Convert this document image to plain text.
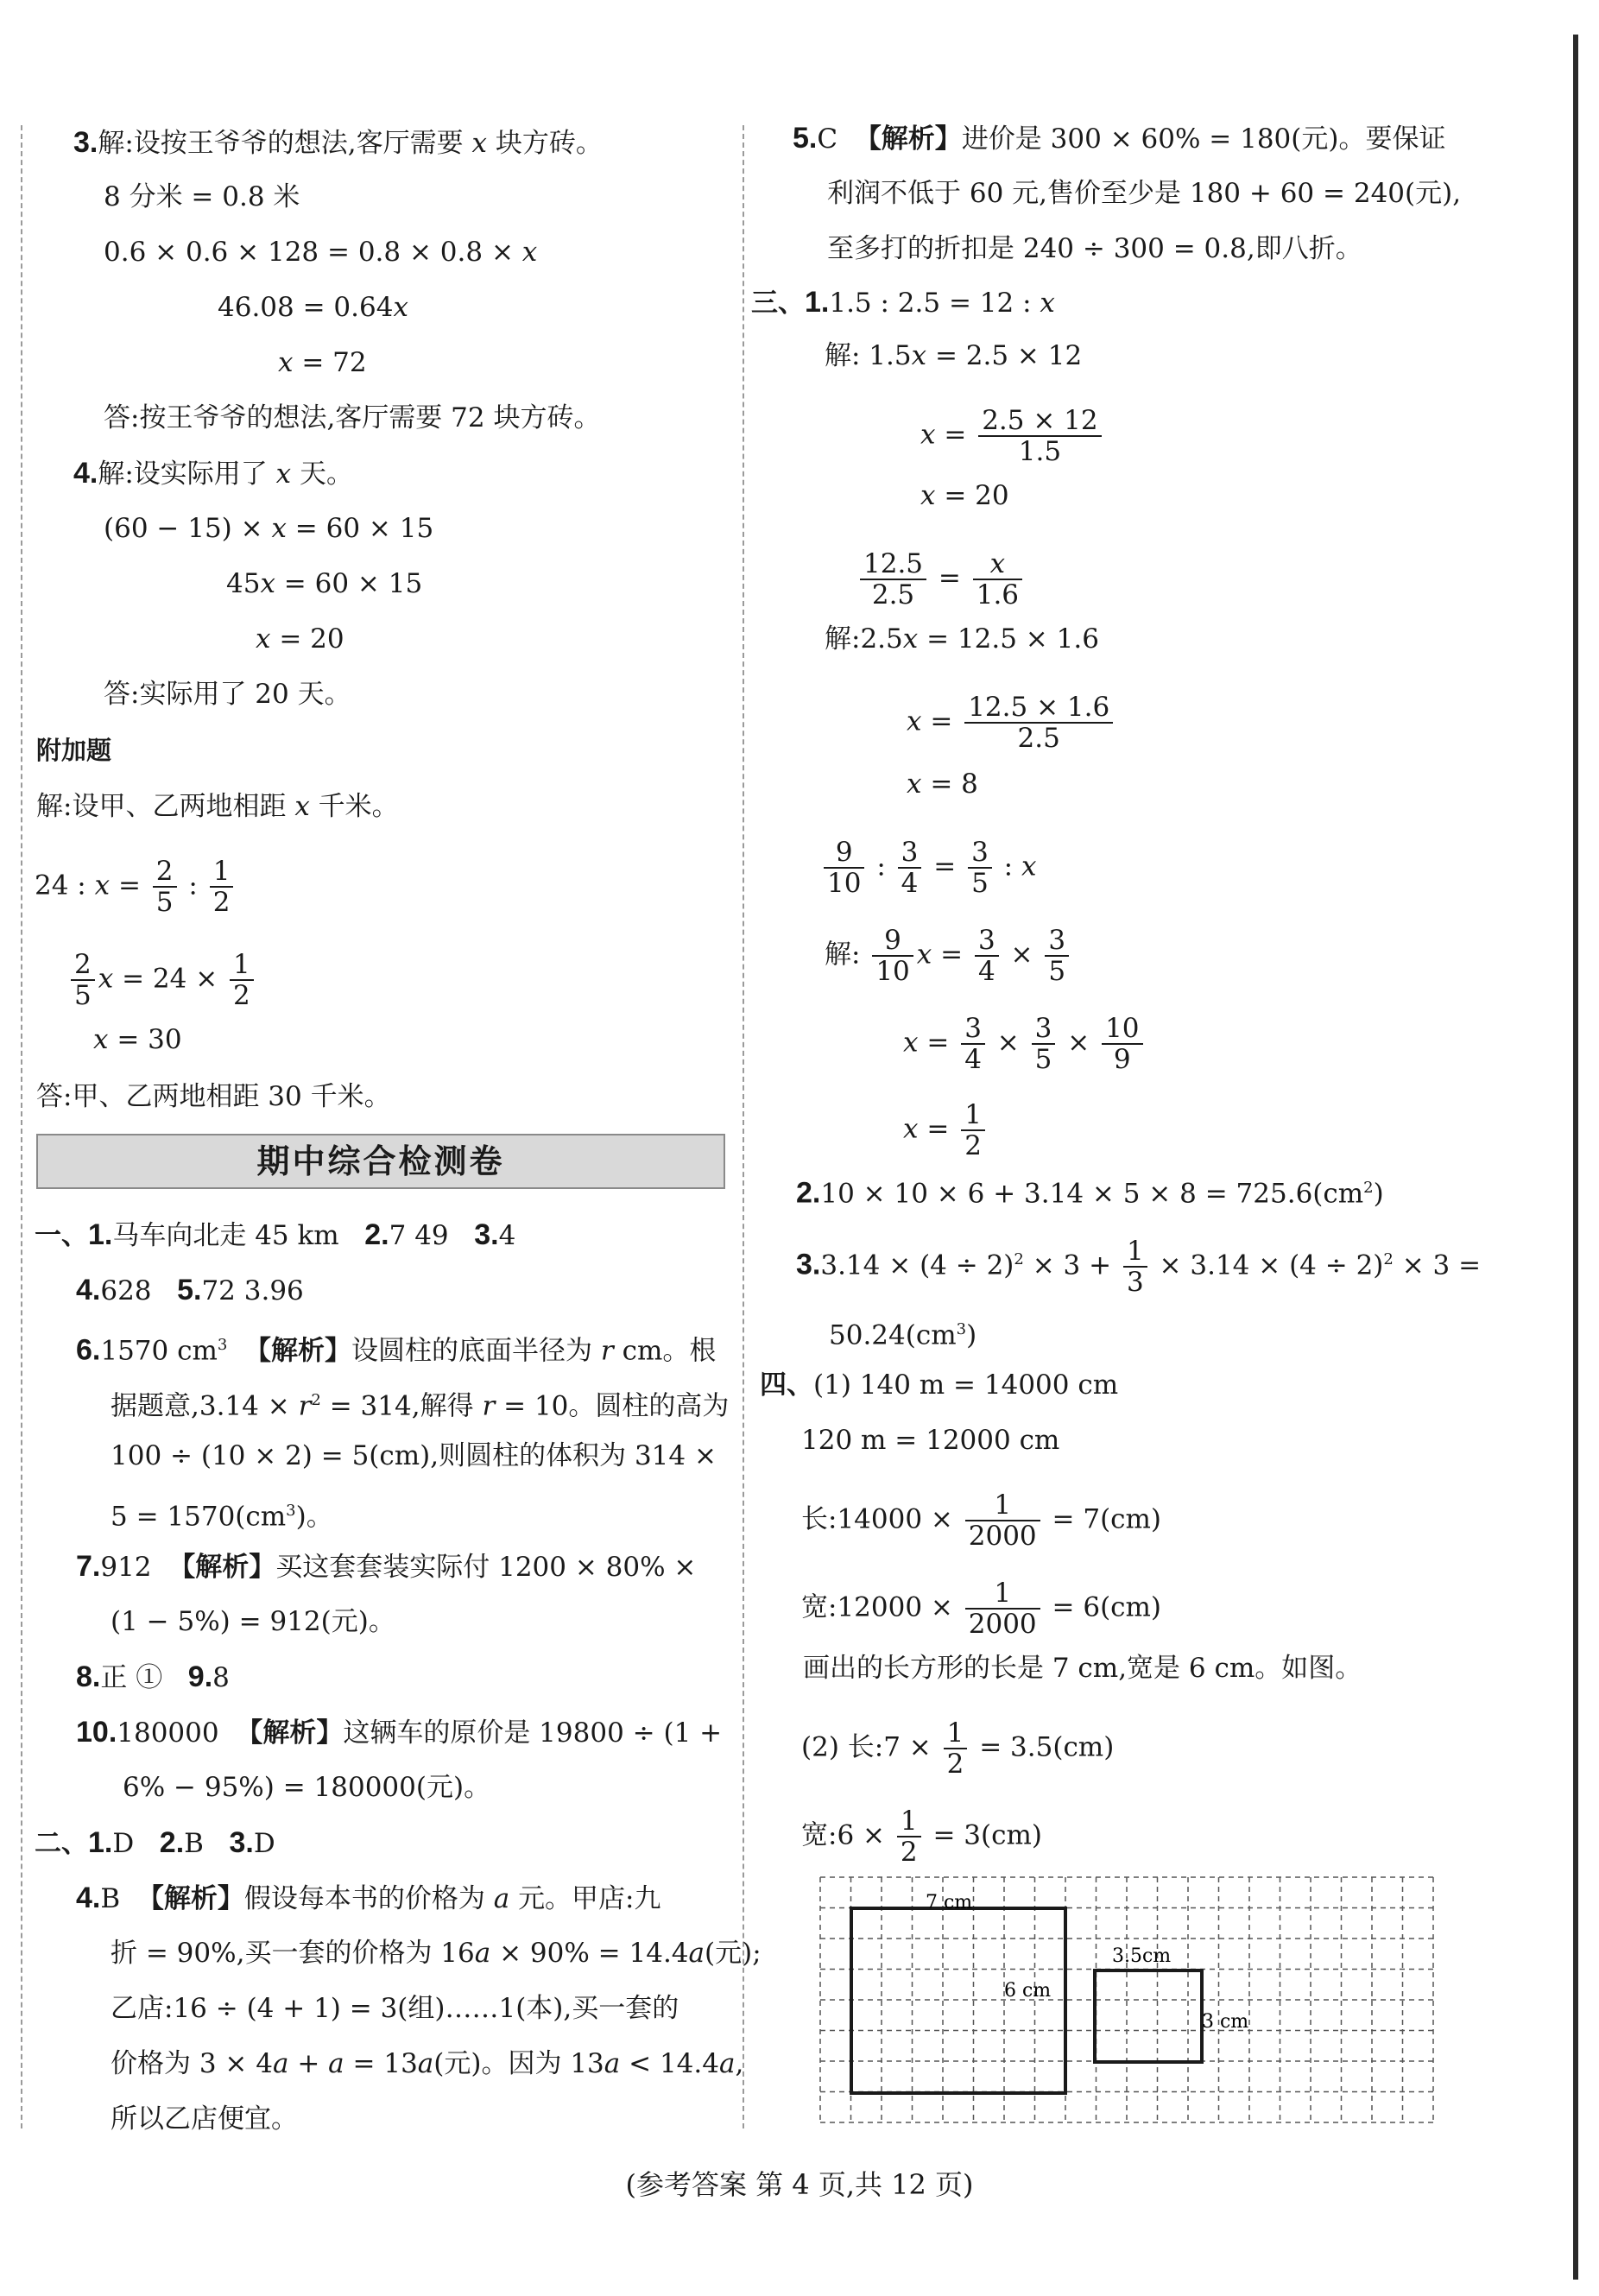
3.解:设按王爷爷的想法,客厅需要 x 块方砖。
8 分米 = 0.8 米
0.6 × 0.6 × 128 = 0.8 × 0.8 × x
46.08 = 0.64x
x = 72
答:按王爷爷的想法,客厅需要 72 块方砖。
4.解:设实际用了 x 天。
(60 − 15) × x = 60 × 15
45x = 60 × 15
x = 20
答:实际用了 20 天。
附加题
解:设甲、乙两地相距 x 千米。
24 : $x = \frac{2}{5}$ : $\frac{1}{2}$
$\frac{2}{5}$ $x = 24 \times \frac{1}{2}$
x = 30
答:甲、乙两地相距 30 千米。
期中综合检测卷
一、1.马车向北走 45 km 2.7 49 3.4
4.628 5.72 3.96
6.1570 $cm^3$ 【解析】设圆柱的底面半径为 r cm。根
据题意$,3.14 \times r^2 = 314$,解得 r = 10。圆柱的高为
100 ÷ (10 × 2) = 5(cm),则圆柱的体积为 314 ×
$5 = 1570(cm^3)$。
7.912 【解析】买这套套装实际付 1200 × 80% ×
(1 − 5%) = 912(元)。
8.正 ① 9.8
10.180000 【解析】这辆车的原价是 19800 ÷ (1 +
6% − 95%) = 180000(元)。
二、1.D 2.B 3.D
4.B 【解析】假设每本书的价格为 a 元。甲店:九
折 = 90%,买一套的价格为 16a × 90% = 14.4a(元);
乙店:16 ÷ (4 + 1) = 3(组)……1(本),买一套的
价格为 3 × 4a + a = 13a(元)。因为 13a < 14.4a,
所以乙店便宜。
5.C 【解析】进价是 300 × 60% = 180(元)。要保证
利润不低于 60 元,售价至少是 180 + 60 = 240(元),
至多打的折扣是 240 ÷ 300 = 0.8,即八折。
三、1.1.5 : 2.5 = 12 : x
解: 1.5x = 2.5 × 12
$x = \frac{2.5 \times 12}{1.5}$
x = 20
$\frac{12.5}{2.5} = \frac{x}{1.6}$
解:2.5x = 12.5 × 1.6
$x = \frac{12.5 \times 1.6}{2.5}$
x = 8
$\frac{9}{10}$ : $\frac{3}{4} = \frac{3}{5}$ : x
解: $\frac{9}{10}$ $x = \frac{3}{4} \times \frac{3}{5}$
$x = \frac{3}{4} \times \frac{3}{5} \times \frac{10}{9}$
$x = \frac{1}{2}$
$2.10 \times 10 \times 6 + 3.14 \times 5 \times 8 = 725.6(cm^2)$
$3.3.14 \times (4 \div 2)^2 \times 3 + \frac{1}{3} \times 3.14 \times (4 \div 2)^2 \times 3$ =
$50.24(cm^3)$
四、(1) 140 m = 14000 cm
120 m = 12000 cm
长:14000 × $\frac{1}{2000} = 7(cm)$
宽:12000 × $\frac{1}{2000} = 6(cm)$
画出的长方形的长是 7 cm,宽是 6 cm。如图。
(2) 长:7 × $\frac{1}{2} = 3.5(cm)$
宽:6 × $\frac{1}{2} = 3(cm)$
7 cm
6 cm
3.5cm
3 cm
(参考答案 第 4 页,共 12 页)
